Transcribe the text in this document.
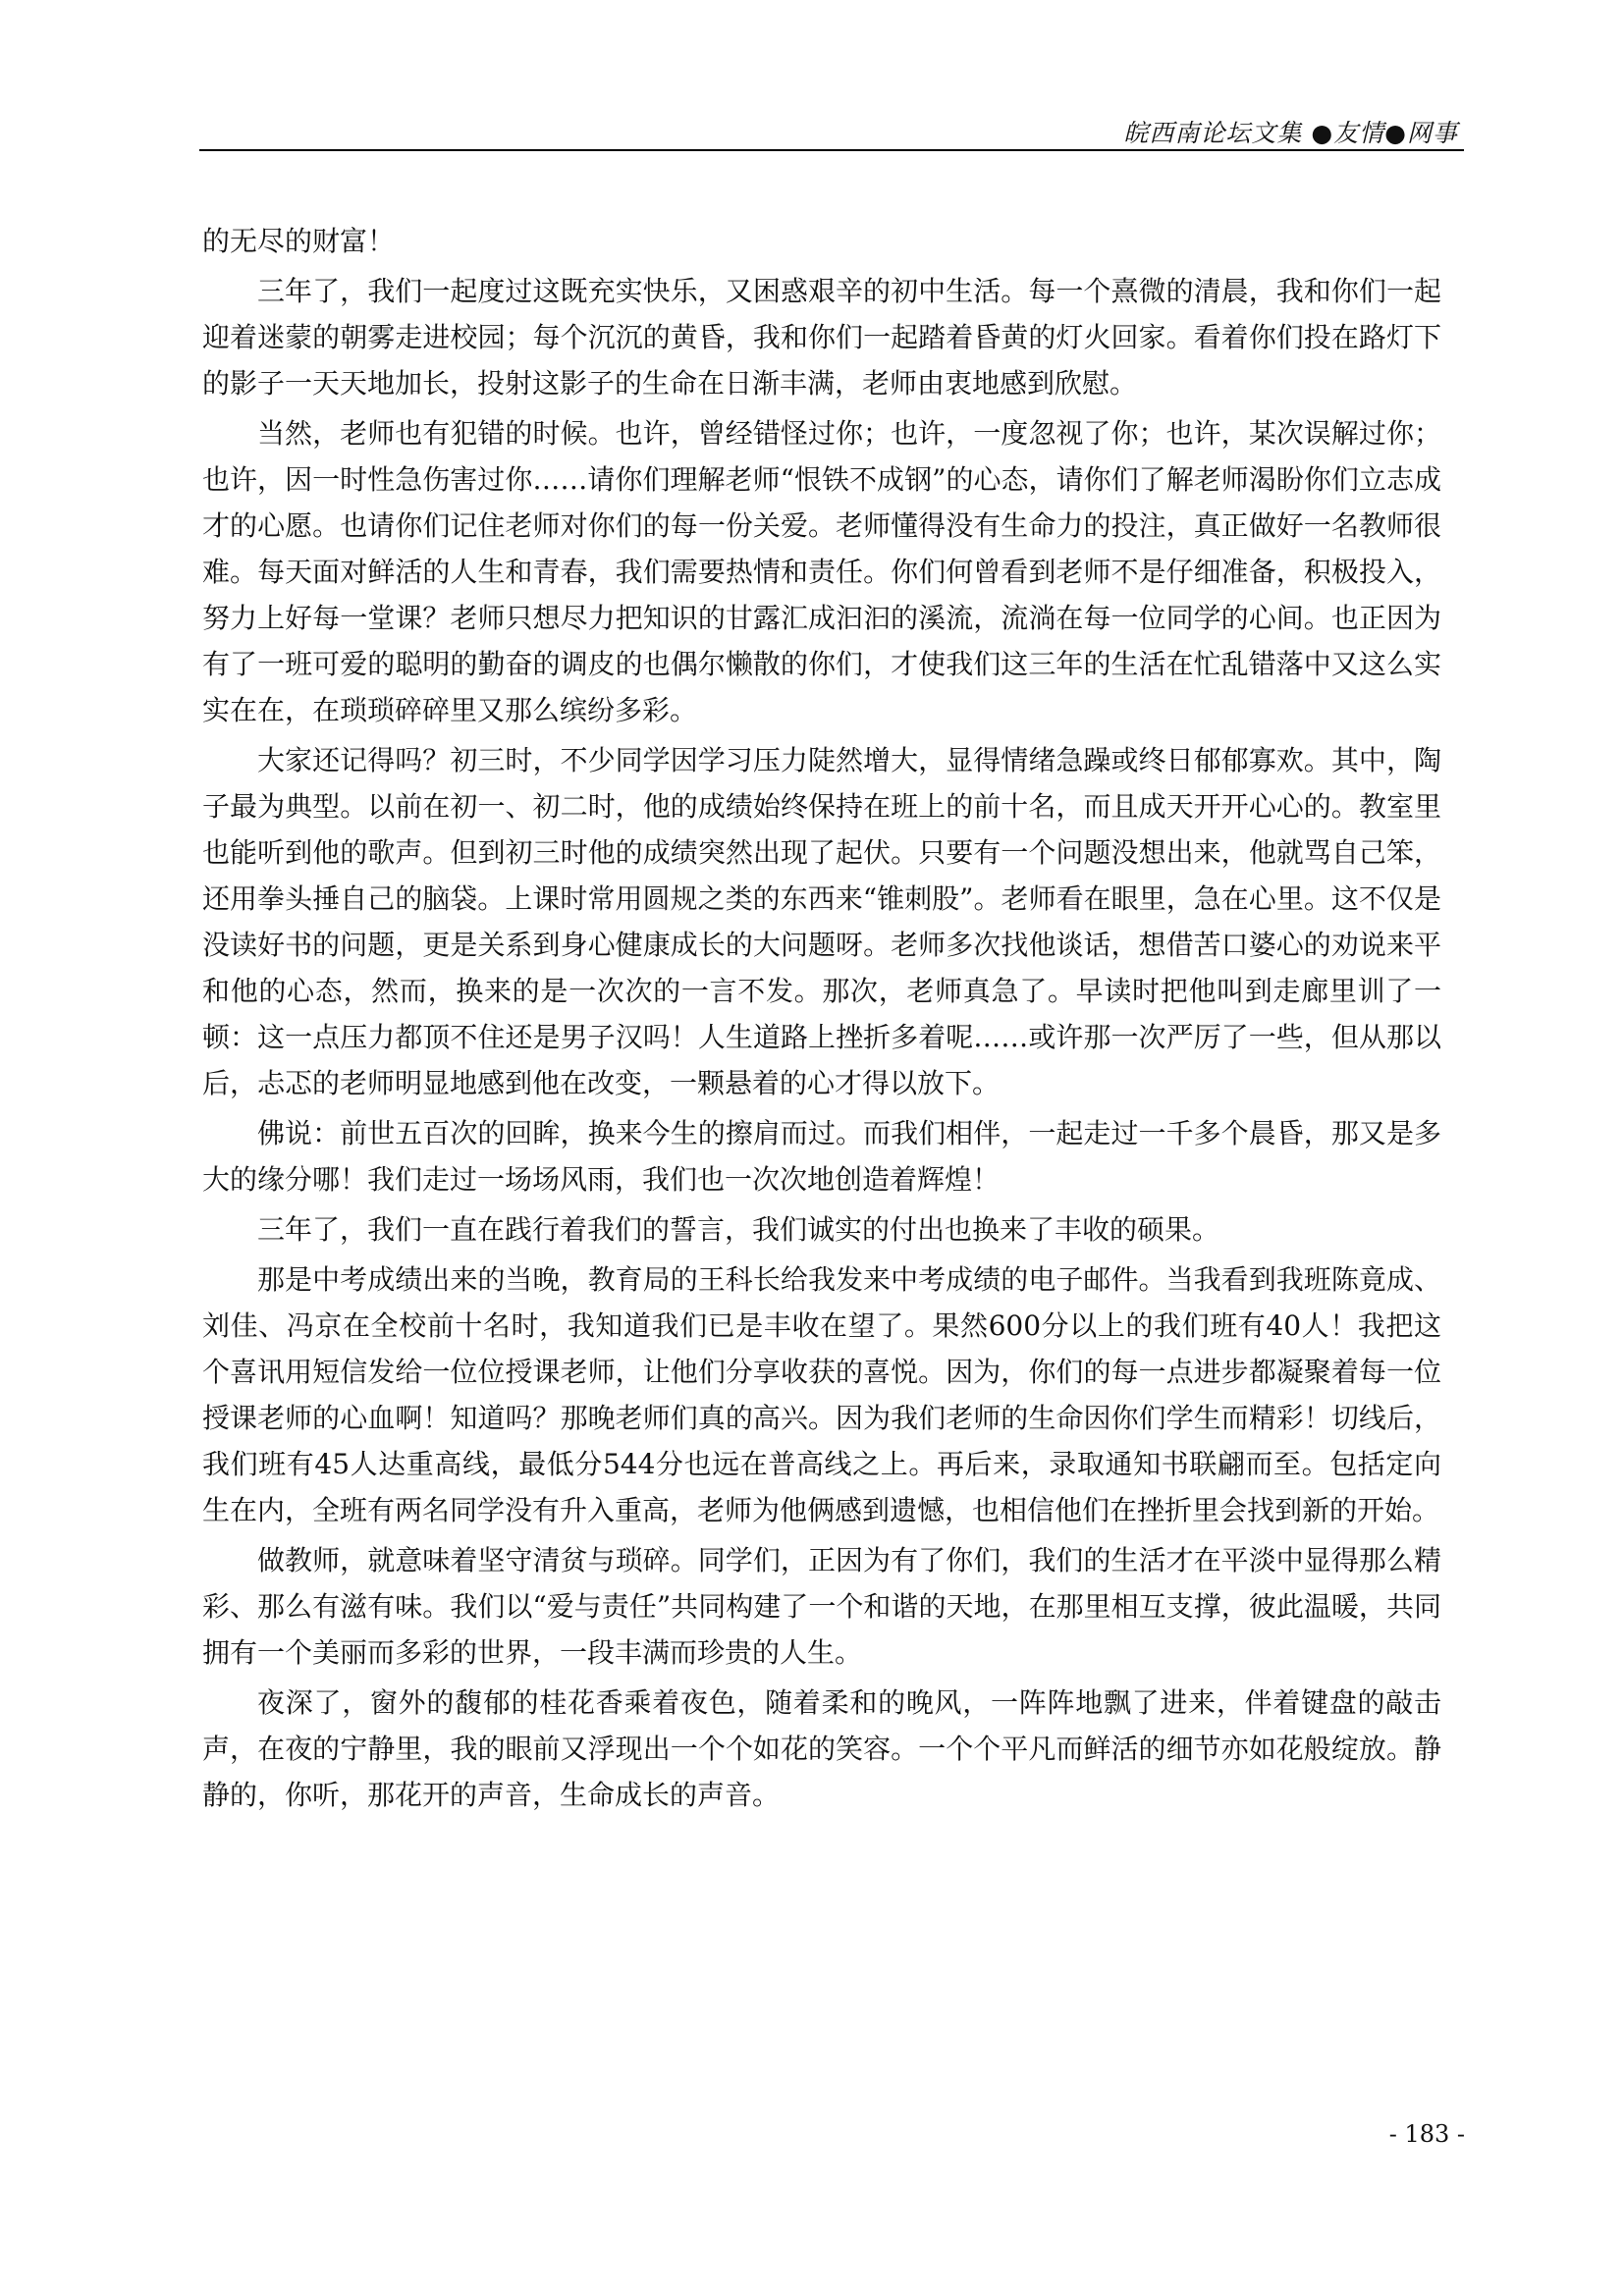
皖西南论坛文集 ●友情●网事

的无尽的财富！

三年了，我们一起度过这既充实快乐，又困惑艰辛的初中生活。每一个熹微的清晨，我和你们一起迎着迷蒙的朝雾走进校园；每个沉沉的黄昏，我和你们一起踏着昏黄的灯火回家。看着你们投在路灯下的影子一天天地加长，投射这影子的生命在日渐丰满，老师由衷地感到欣慰。

当然，老师也有犯错的时候。也许，曾经错怪过你；也许，一度忽视了你；也许，某次误解过你；也许，因一时性急伤害过你……请你们理解老师“恨铁不成钢”的心态，请你们了解老师渴盼你们立志成才的心愿。也请你们记住老师对你们的每一份关爱。老师懂得没有生命力的投注，真正做好一名教师很难。每天面对鲜活的人生和青春，我们需要热情和责任。你们何曾看到老师不是仔细准备，积极投入，努力上好每一堂课？老师只想尽力把知识的甘露汇成汩汩的溪流，流淌在每一位同学的心间。也正因为有了一班可爱的聪明的勤奋的调皮的也偶尔懒散的你们，才使我们这三年的生活在忙乱错落中又这么实实在在，在琐琐碎碎里又那么缤纷多彩。

大家还记得吗？初三时，不少同学因学习压力陡然增大，显得情绪急躁或终日郁郁寡欢。其中，陶子最为典型。以前在初一、初二时，他的成绩始终保持在班上的前十名，而且成天开开心心的。教室里也能听到他的歌声。但到初三时他的成绩突然出现了起伏。只要有一个问题没想出来，他就骂自己笨，还用拳头捶自己的脑袋。上课时常用圆规之类的东西来“锥刺股”。老师看在眼里，急在心里。这不仅是没读好书的问题，更是关系到身心健康成长的大问题呀。老师多次找他谈话，想借苦口婆心的劝说来平和他的心态，然而，换来的是一次次的一言不发。那次，老师真急了。早读时把他叫到走廊里训了一顿：这一点压力都顶不住还是男子汉吗！人生道路上挫折多着呢……或许那一次严厉了一些，但从那以后，忐忑的老师明显地感到他在改变，一颗悬着的心才得以放下。

佛说：前世五百次的回眸，换来今生的擦肩而过。而我们相伴，一起走过一千多个晨昏，那又是多大的缘分哪！我们走过一场场风雨，我们也一次次地创造着辉煌！

三年了，我们一直在践行着我们的誓言，我们诚实的付出也换来了丰收的硕果。

那是中考成绩出来的当晚，教育局的王科长给我发来中考成绩的电子邮件。当我看到我班陈竟成、刘佳、冯京在全校前十名时，我知道我们已是丰收在望了。果然600分以上的我们班有40人！我把这个喜讯用短信发给一位位授课老师，让他们分享收获的喜悦。因为，你们的每一点进步都凝聚着每一位授课老师的心血啊！知道吗？那晚老师们真的高兴。因为我们老师的生命因你们学生而精彩！切线后，我们班有45人达重高线，最低分544分也远在普高线之上。再后来，录取通知书联翩而至。包括定向生在内，全班有两名同学没有升入重高，老师为他俩感到遗憾，也相信他们在挫折里会找到新的开始。

做教师，就意味着坚守清贫与琐碎。同学们，正因为有了你们，我们的生活才在平淡中显得那么精彩、那么有滋有味。我们以“爱与责任”共同构建了一个和谐的天地，在那里相互支撑，彼此温暖，共同拥有一个美丽而多彩的世界，一段丰满而珍贵的人生。

夜深了，窗外的馥郁的桂花香乘着夜色，随着柔和的晚风，一阵阵地飘了进来，伴着键盘的敲击声，在夜的宁静里，我的眼前又浮现出一个个如花的笑容。一个个平凡而鲜活的细节亦如花般绽放。静静的，你听，那花开的声音，生命成长的声音。

- 183 -
